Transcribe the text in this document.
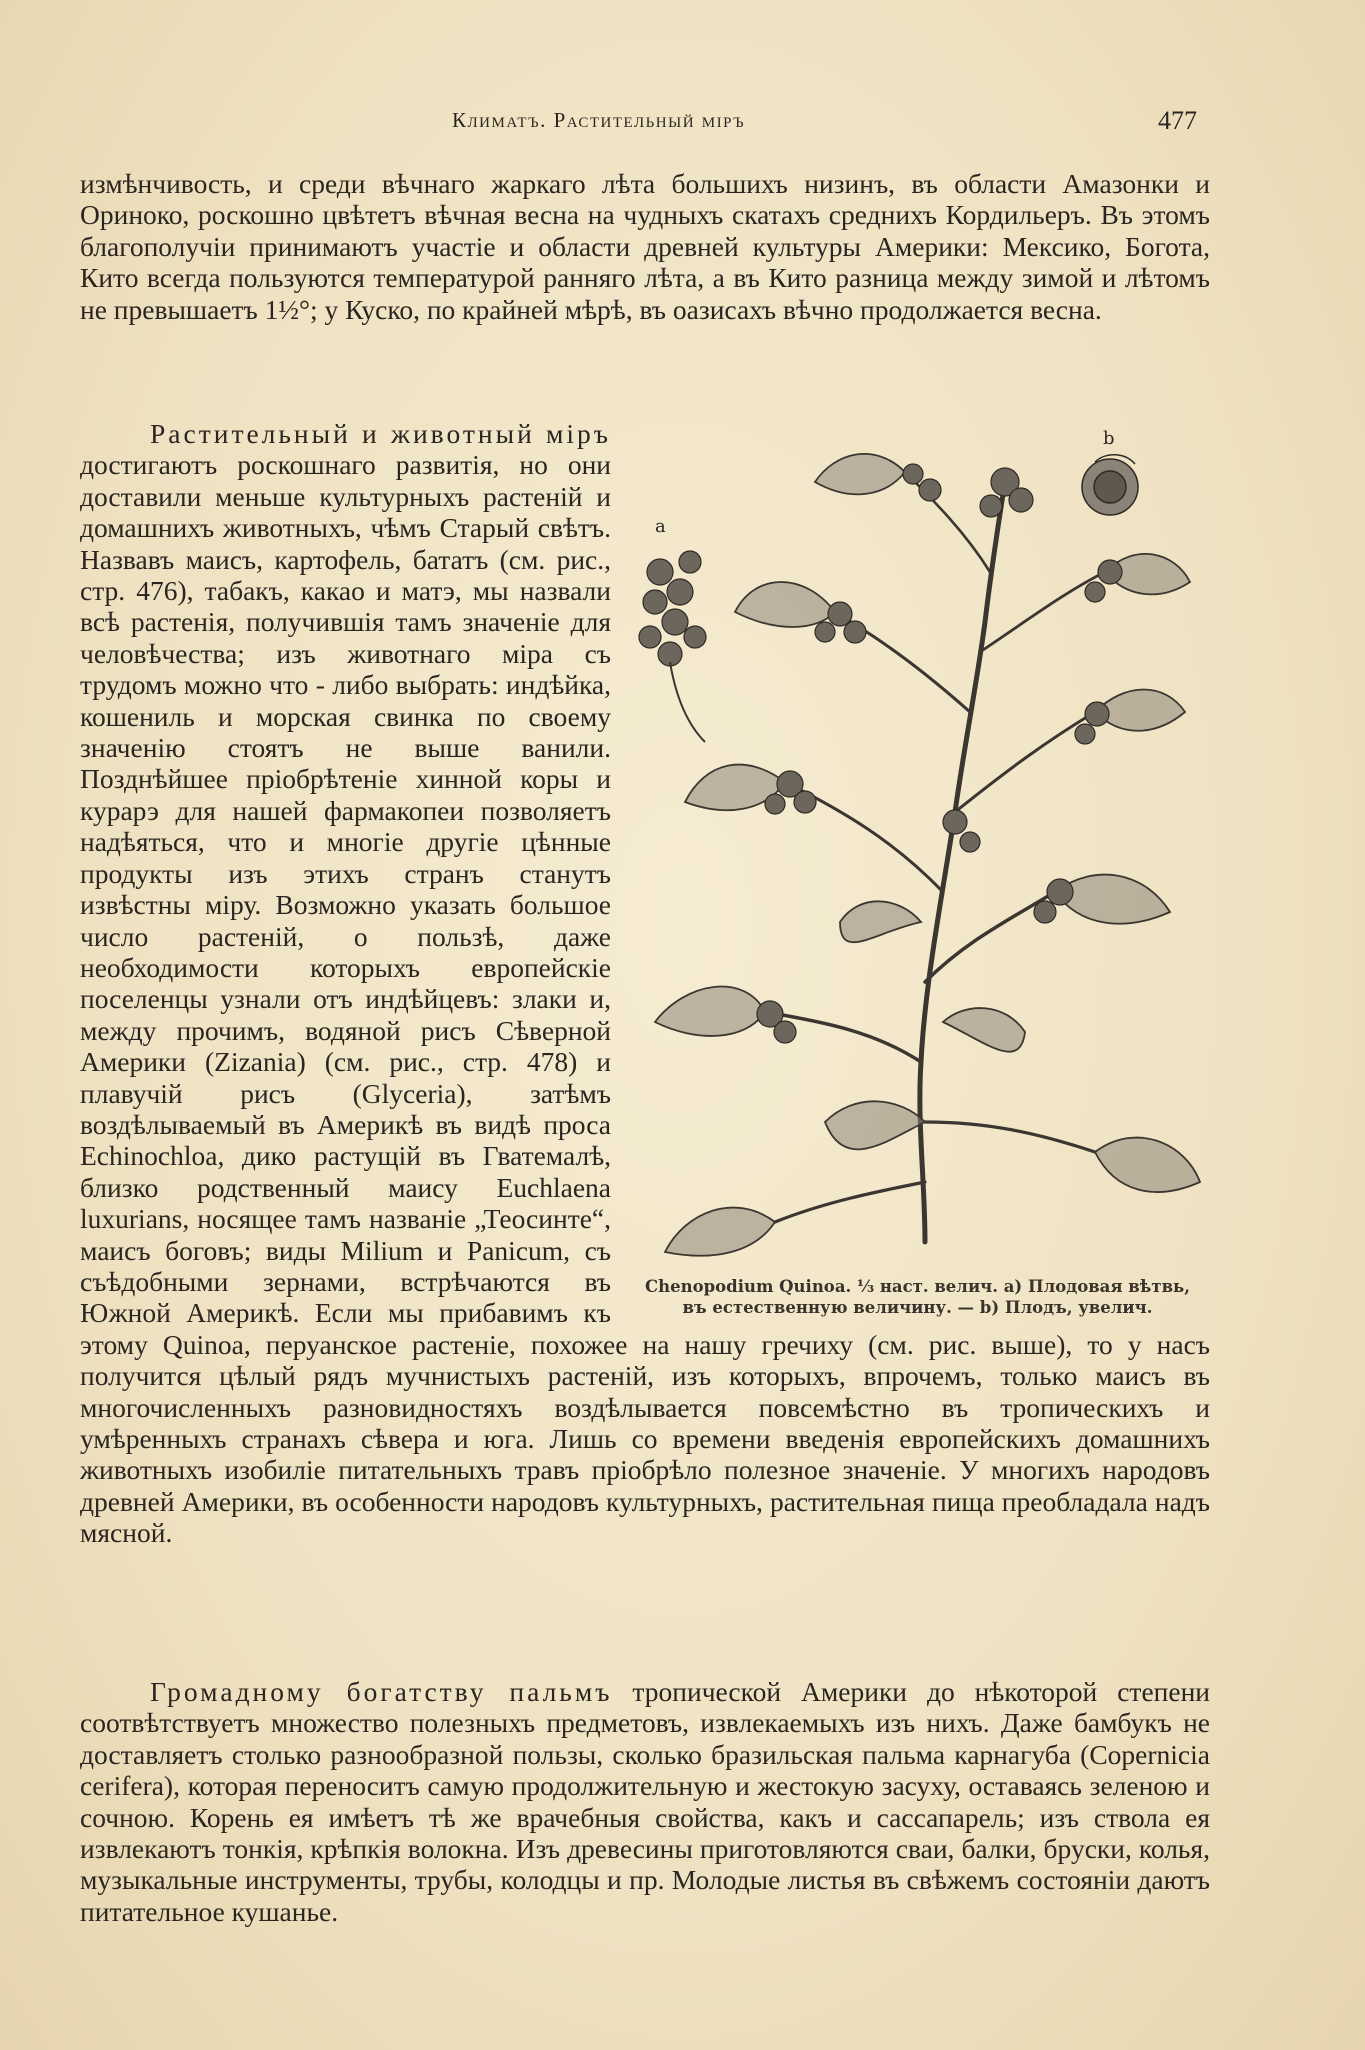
Климатъ. Растительный міръ	477

измѣнчивость, и среди вѣчнаго жаркаго лѣта большихъ низинъ, въ области Амазонки и Ориноко, роскошно цвѣтетъ вѣчная весна на чудныхъ скатахъ среднихъ Кордильеръ. Въ этомъ благополучіи принимаютъ участіе и области древней культуры Америки: Мексико, Богота, Кито всегда пользуются температурой ранняго лѣта, а въ Кито разница между зимой и лѣтомъ не превышаетъ 1½°; у Куско, по крайней мѣрѣ, въ оазисахъ вѣчно продолжается весна.

a
b
Chenopodium Quinoa. ⅓ наст. велич. a) Плодовая вѣтвь,
въ естественную величину. — b) Плодъ, увелич.

Растительный и животный міръ достигаютъ роскошнаго развитія, но они доставили меньше культурныхъ растеній и домашнихъ животныхъ, чѣмъ Старый свѣтъ. Назвавъ маисъ, картофель, бататъ (см. рис., стр. 476), табакъ, какао и матэ, мы назвали всѣ растенія, получившія тамъ значеніе для человѣчества; изъ животнаго міра съ трудомъ можно что - либо выбрать: индѣйка, кошениль и морская свинка по своему значенію стоятъ не выше ванили. Позднѣйшее пріобрѣтеніе хинной коры и курарэ для нашей фармакопеи позволяетъ надѣяться, что и многіе другіе цѣнные продукты изъ этихъ странъ станутъ извѣстны міру. Возможно указать большое число растеній, о пользѣ, даже необходимости которыхъ европейскіе поселенцы узнали отъ индѣйцевъ: злаки и, между прочимъ, водяной рисъ Сѣверной Америки (Zizania) (см. рис., стр. 478) и плавучій рисъ (Glyceria), затѣмъ воздѣлываемый въ Америкѣ въ видѣ проса Echinochloa, дико растущій въ Гватемалѣ, близко родственный маису Euchlaena luxurians, носящее тамъ названіе „Теосинте“, маисъ боговъ; виды Milium и Panicum, съ съѣдобными зернами, встрѣчаются въ Южной Америкѣ. Если мы прибавимъ къ этому Quinoa, перуанское растеніе, похожее на нашу гречиху (см. рис. выше), то у насъ получится цѣлый рядъ мучнистыхъ растеній, изъ которыхъ, впрочемъ, только маисъ въ многочисленныхъ разновидностяхъ воздѣлывается повсемѣстно въ тропическихъ и умѣренныхъ странахъ сѣвера и юга. Лишь со времени введенія европейскихъ домашнихъ животныхъ изобиліе питательныхъ травъ пріобрѣло полезное значеніе. У многихъ народовъ древней Америки, въ особенности народовъ культурныхъ, растительная пища преобладала надъ мясной.

Громадному богатству пальмъ тропической Америки до нѣкоторой степени соотвѣтствуетъ множество полезныхъ предметовъ, извлекаемыхъ изъ нихъ. Даже бамбукъ не доставляетъ столько разнообразной пользы, сколько бразильская пальма карнагуба (Copernicia cerifera), которая переноситъ самую продолжительную и жестокую засуху, оставаясь зеленою и сочною. Корень ея имѣетъ тѣ же врачебныя свойства, какъ и сассапарель; изъ ствола ея извлекаютъ тонкія, крѣпкія волокна. Изъ древесины приготовляются сваи, балки, бруски, колья, музыкальные инструменты, трубы, колодцы и пр. Молодые листья въ свѣжемъ состояніи даютъ питательное кушанье.
